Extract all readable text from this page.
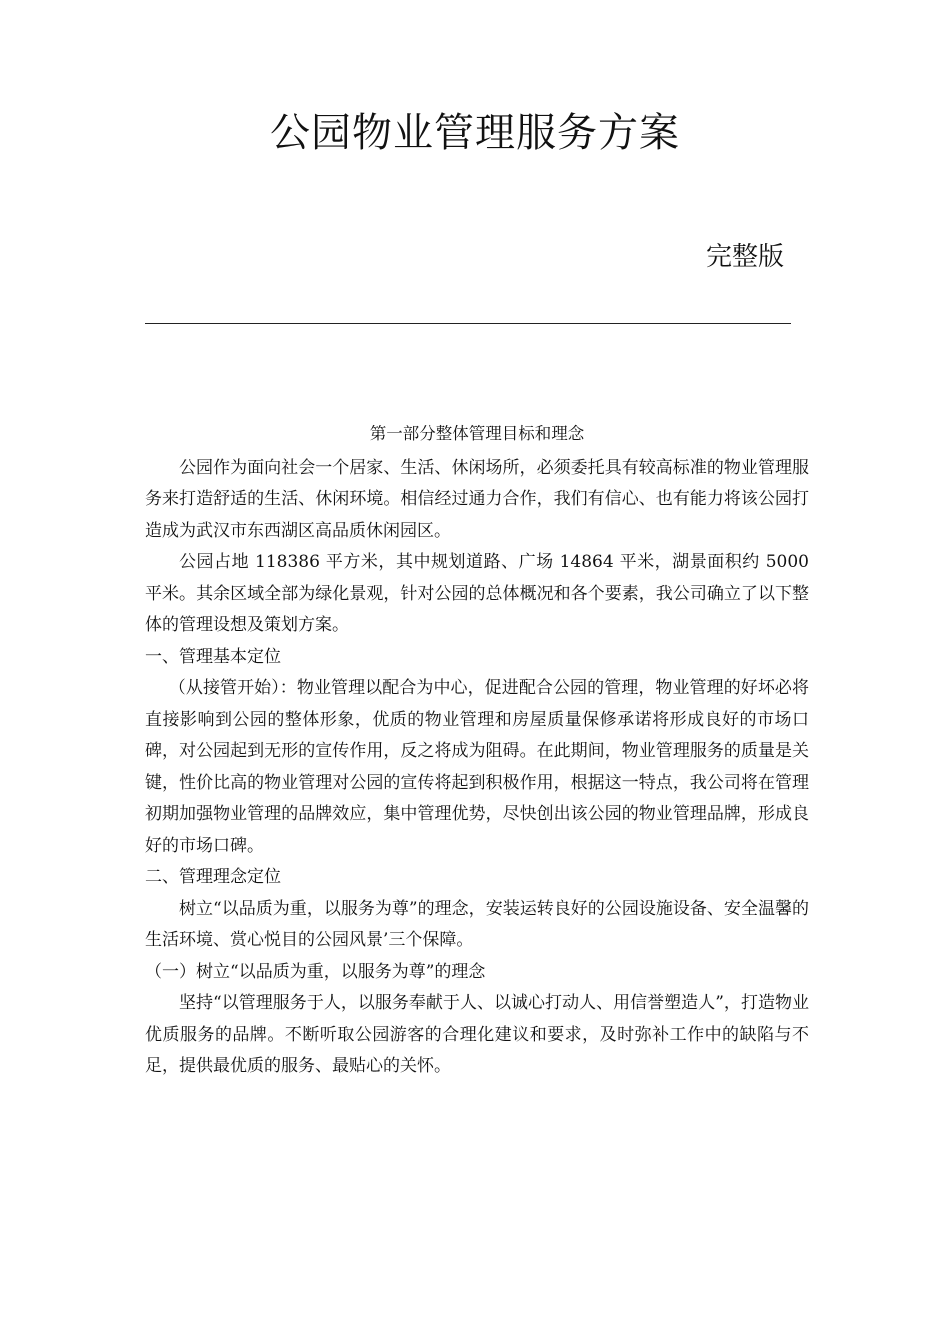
公园物业管理服务方案
完整版

第一部分整体管理目标和理念

公园作为面向社会一个居家、生活、休闲场所，必须委托具有较高标准的物业管理服务来打造舒适的生活、休闲环境。相信经过通力合作，我们有信心、也有能力将该公园打造成为武汉市东西湖区高品质休闲园区。

公园占地 118386 平方米，其中规划道路、广场 14864 平米，湖景面积约 5000 平米。其余区域全部为绿化景观，针对公园的总体概况和各个要素，我公司确立了以下整体的管理设想及策划方案。

一、管理基本定位

（从接管开始）：物业管理以配合为中心，促进配合公园的管理，物业管理的好坏必将直接影响到公园的整体形象，优质的物业管理和房屋质量保修承诺将形成良好的市场口碑，对公园起到无形的宣传作用，反之将成为阻碍。在此期间，物业管理服务的质量是关键，性价比高的物业管理对公园的宣传将起到积极作用，根据这一特点，我公司将在管理初期加强物业管理的品牌效应，集中管理优势，尽快创出该公园的物业管理品牌，形成良好的市场口碑。

二、管理理念定位

树立“以品质为重，以服务为尊”的理念，安装运转良好的公园设施设备、安全温馨的生活环境、赏心悦目的公园风景’三个保障。

（一）树立“以品质为重，以服务为尊”的理念

坚持“以管理服务于人，以服务奉献于人、以诚心打动人、用信誉塑造人”，打造物业优质服务的品牌。不断听取公园游客的合理化建议和要求，及时弥补工作中的缺陷与不足，提供最优质的服务、最贴心的关怀。
